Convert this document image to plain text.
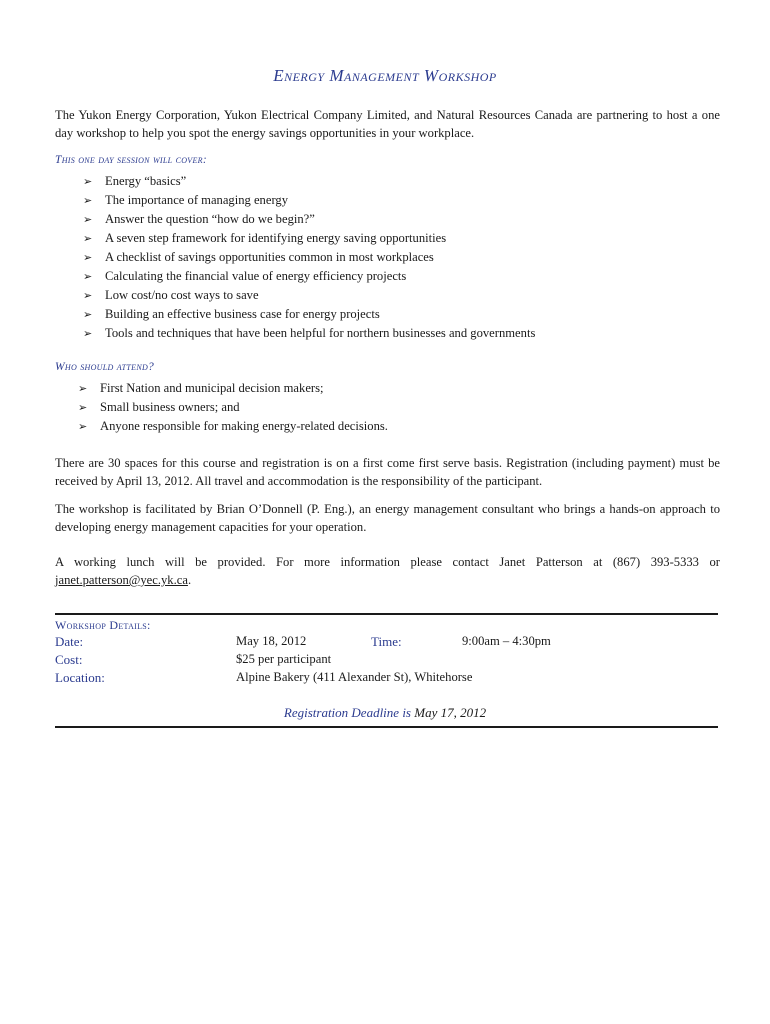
Energy Management Workshop
The Yukon Energy Corporation, Yukon Electrical Company Limited, and Natural Resources Canada are partnering to host a one day workshop to help you spot the energy savings opportunities in your workplace.
This one day session will cover:
➢ Energy “basics”
➢ The importance of managing energy
➢ Answer the question “how do we begin?”
➢ A seven step framework for identifying energy saving opportunities
➢ A checklist of savings opportunities common in most workplaces
➢ Calculating the financial value of energy efficiency projects
➢ Low cost/no cost ways to save
➢ Building an effective business case for energy projects
➢ Tools and techniques that have been helpful for northern businesses and governments
Who should attend?
➢ First Nation and municipal decision makers;
➢ Small business owners; and
➢ Anyone responsible for making energy-related decisions.
There are 30 spaces for this course and registration is on a first come first serve basis. Registration (including payment) must be received by April 13, 2012. All travel and accommodation is the responsibility of the participant.
The workshop is facilitated by Brian O’Donnell (P. Eng.), an energy management consultant who brings a hands-on approach to developing energy management capacities for your operation.
A working lunch will be provided. For more information please contact Janet Patterson at (867) 393-5333 or janet.patterson@yec.yk.ca.
Workshop Details:
Date:	May 18, 2012	Time:	9:00am – 4:30pm
Cost:	$25 per participant
Location:	Alpine Bakery (411 Alexander St), Whitehorse
Registration Deadline is May 17, 2012
